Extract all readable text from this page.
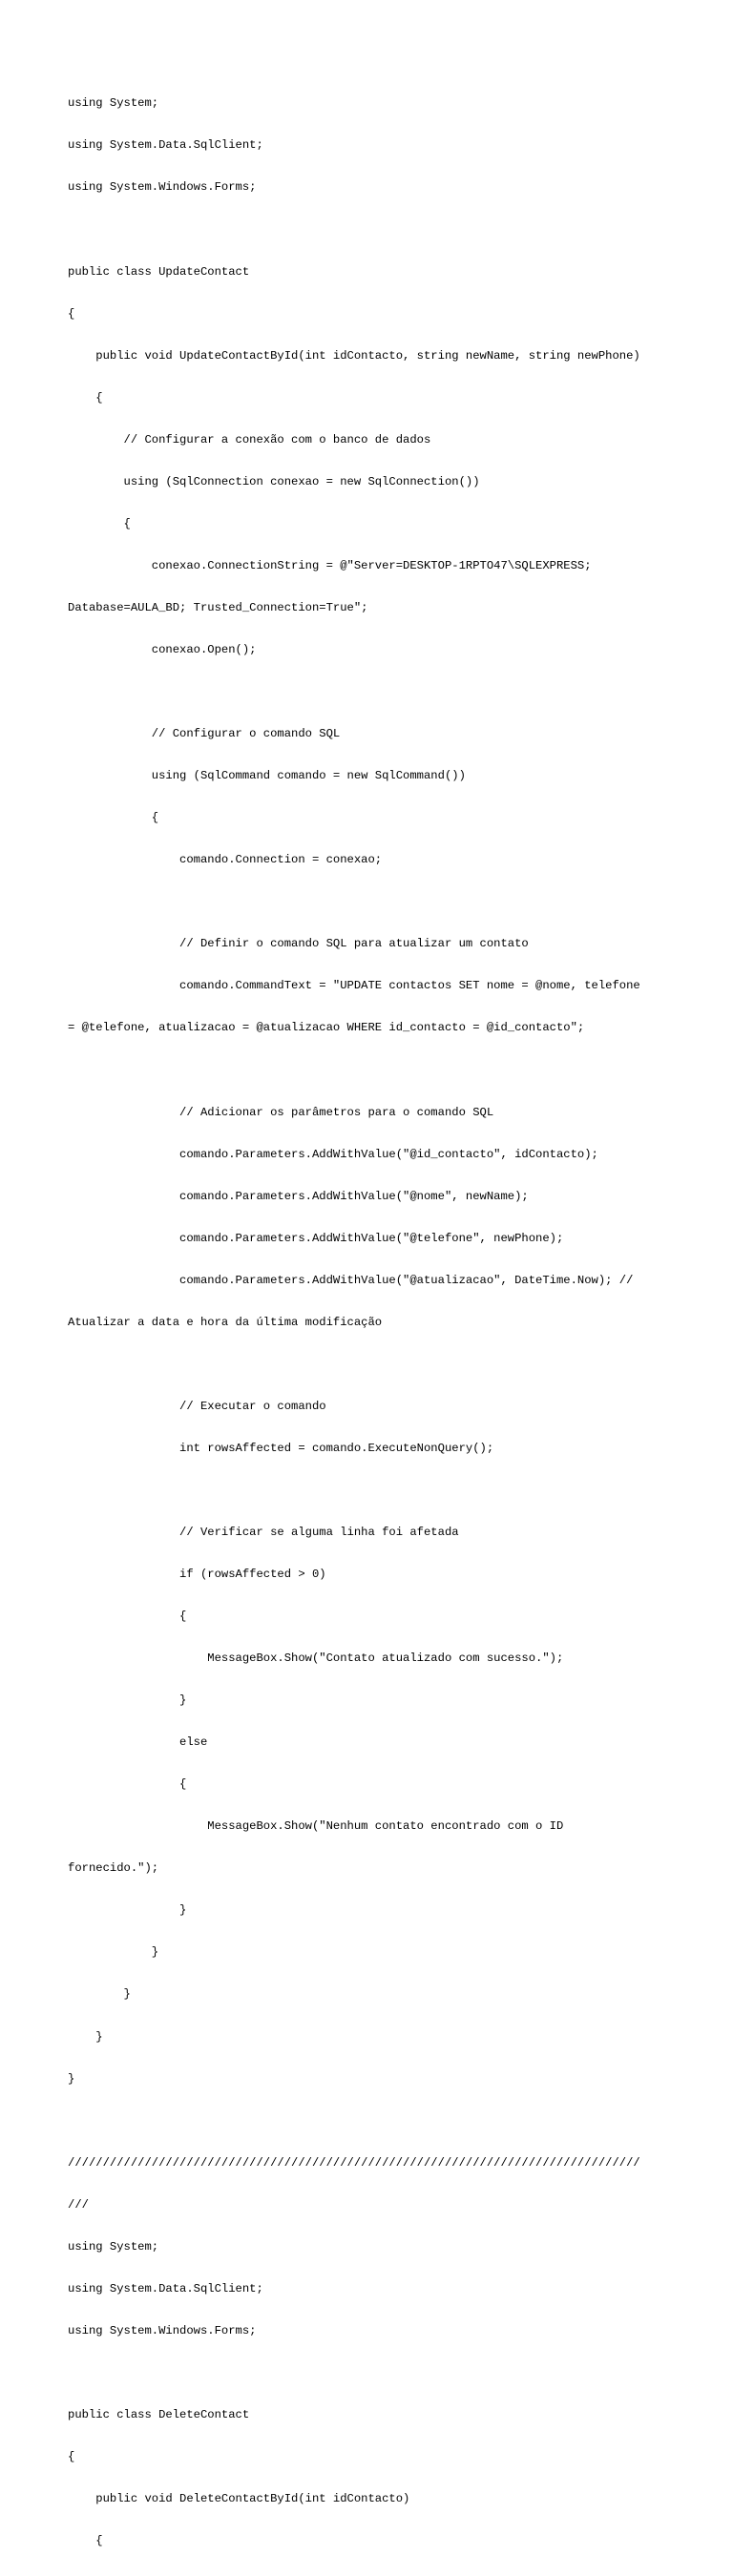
using System;

using System.Data.SqlClient;

using System.Windows.Forms;

public class UpdateContact

{

public void UpdateContactById(int idContacto, string newName, string newPhone)

{

// Configurar a conexão com o banco de dados

using (SqlConnection conexao = new SqlConnection())

{

conexao.ConnectionString = @"Server=DESKTOP-1RPTO47\SQLEXPRESS;

Database=AULA_BD; Trusted_Connection=True";

conexao.Open();

// Configurar o comando SQL

using (SqlCommand comando = new SqlCommand())

{

comando.Connection = conexao;

// Definir o comando SQL para atualizar um contato

comando.CommandText = "UPDATE contactos SET nome = @nome, telefone

= @telefone, atualizacao = @atualizacao WHERE id_contacto = @id_contacto";

// Adicionar os parâmetros para o comando SQL

comando.Parameters.AddWithValue("@id_contacto", idContacto);

comando.Parameters.AddWithValue("@nome", newName);

comando.Parameters.AddWithValue("@telefone", newPhone);

comando.Parameters.AddWithValue("@atualizacao", DateTime.Now); //

Atualizar a data e hora da última modificação

// Executar o comando

int rowsAffected = comando.ExecuteNonQuery();

// Verificar se alguma linha foi afetada

if (rowsAffected > 0)

{

MessageBox.Show("Contato atualizado com sucesso.");

}

else

{

MessageBox.Show("Nenhum contato encontrado com o ID

fornecido.");

}

}

}

}

}

//////////////////////////////////////////////////////////////////////////////////

///

using System;

using System.Data.SqlClient;

using System.Windows.Forms;

public class DeleteContact

{

public void DeleteContactById(int idContacto)

{
